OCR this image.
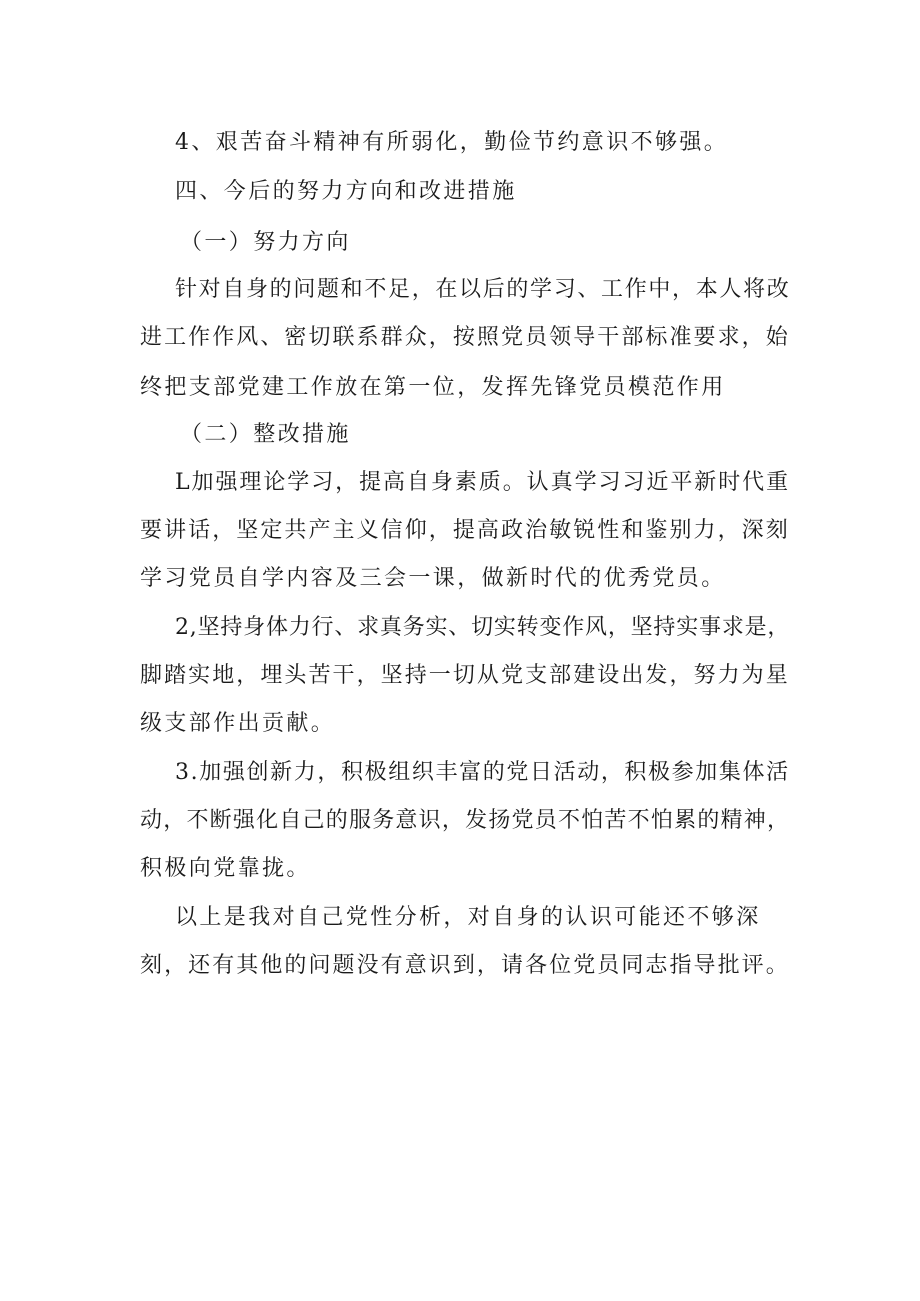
4、艰苦奋斗精神有所弱化，勤俭节约意识不够强。

四、今后的努力方向和改进措施

（一）努力方向

针对自身的问题和不足，在以后的学习、工作中，本人将改

进工作作风、密切联系群众，按照党员领导干部标准要求，始

终把支部党建工作放在第一位，发挥先锋党员模范作用

（二）整改措施

L加强理论学习，提高自身素质。认真学习习近平新时代重

要讲话，坚定共产主义信仰，提高政治敏锐性和鉴别力，深刻

学习党员自学内容及三会一课，做新时代的优秀党员。

2,坚持身体力行、求真务实、切实转变作风，坚持实事求是，

脚踏实地，埋头苦干，坚持一切从党支部建设出发，努力为星

级支部作出贡献。

3.加强创新力，积极组织丰富的党日活动，积极参加集体活

动，不断强化自己的服务意识，发扬党员不怕苦不怕累的精神，

积极向党靠拢。

以上是我对自己党性分析，对自身的认识可能还不够深

刻，还有其他的问题没有意识到，请各位党员同志指导批评。
